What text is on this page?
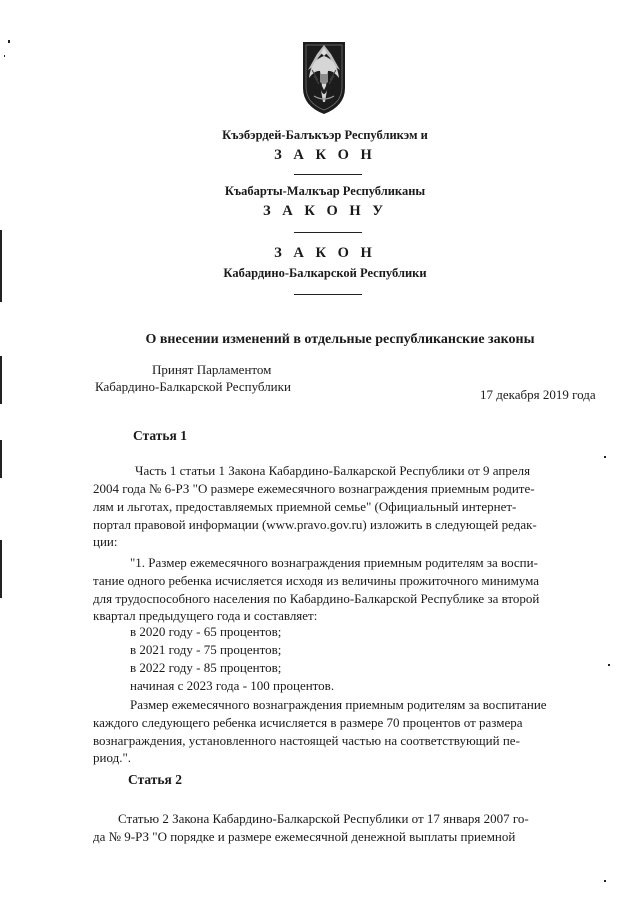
Къэбэрдей-Балъкъэр Республикэм и
З А К О Н
Къабарты-Малкъар Республиканы
З А К О Н У
З А К О Н
Кабардино-Балкарской Республики
О внесении изменений в отдельные республиканские законы
Принят Парламентом
Кабардино-Балкарской Республики
17 декабря 2019 года
Статья 1
Часть 1 статьи 1 Закона Кабардино-Балкарской Республики от 9 апреля
2004 года № 6-РЗ "О размере ежемесячного вознаграждения приемным родите-
лям и льготах, предоставляемых приемной семье" (Официальный интернет-
портал правовой информации (www.pravo.gov.ru) изложить в следующей редак-
ции:
"1. Размер ежемесячного вознаграждения приемным родителям за воспи-
тание одного ребенка исчисляется исходя из величины прожиточного минимума
для трудоспособного населения по Кабардино-Балкарской Республике за второй
квартал предыдущего года и составляет:
в 2020 году - 65 процентов;
в 2021 году - 75 процентов;
в 2022 году - 85 процентов;
начиная с 2023 года - 100 процентов.
Размер ежемесячного вознаграждения приемным родителям за воспитание
каждого следующего ребенка исчисляется в размере 70 процентов от размера
вознаграждения, установленного настоящей частью на соответствующий пе-
риод.".
Статья 2
Статью 2 Закона Кабардино-Балкарской Республики от 17 января 2007 го-
да № 9-РЗ "О порядке и размере ежемесячной денежной выплаты приемной
